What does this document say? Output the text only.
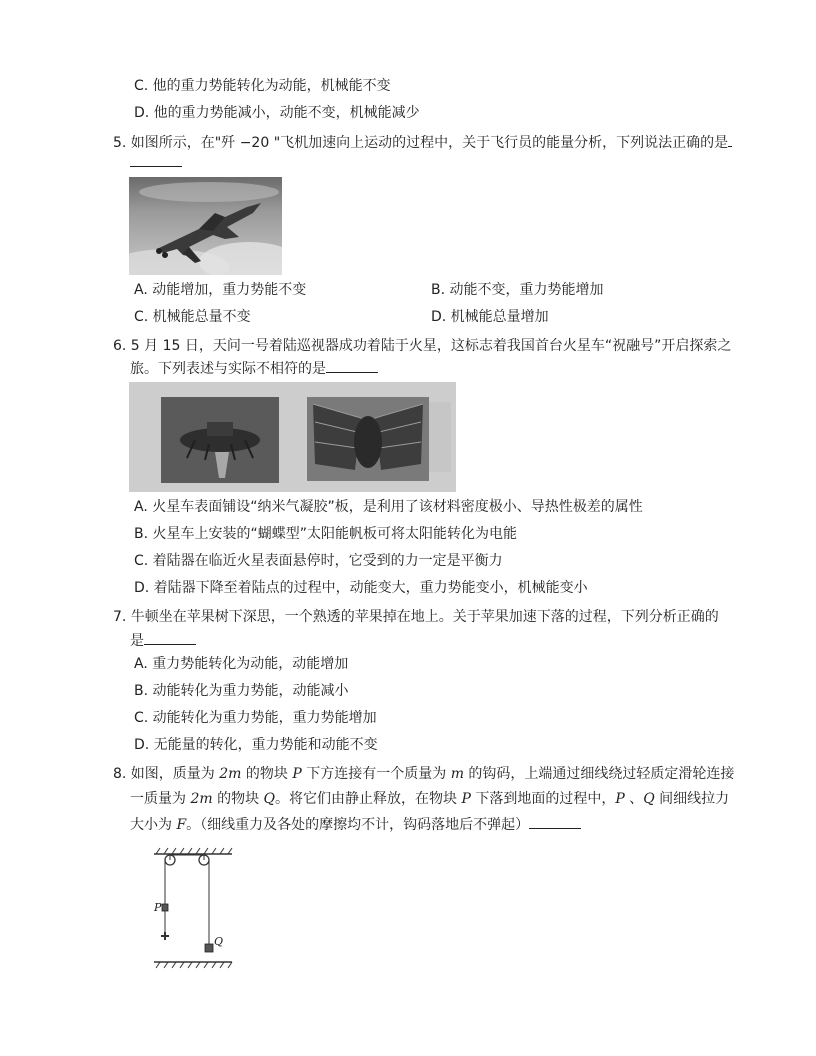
C. 他的重力势能转化为动能，机械能不变
D. 他的重力势能减小，动能不变，机械能减少
5. 如图所示，在"歼 −20 "飞机加速向上运动的过程中，关于飞行员的能量分析，下列说法正确的是
A. 动能增加，重力势能不变	B. 动能不变，重力势能增加
C. 机械能总量不变	D. 机械能总量增加
6. 5 月 15 日，天问一号着陆巡视器成功着陆于火星，这标志着我国首台火星车“祝融号”开启探索之
旅。下列表述与实际不相符的是
A. 火星车表面铺设“纳米气凝胶”板，是利用了该材料密度极小、导热性极差的属性
B. 火星车上安装的“蝴蝶型”太阳能帆板可将太阳能转化为电能
C. 着陆器在临近火星表面悬停时，它受到的力一定是平衡力
D. 着陆器下降至着陆点的过程中，动能变大，重力势能变小，机械能变小
7. 牛顿坐在苹果树下深思，一个熟透的苹果掉在地上。关于苹果加速下落的过程，下列分析正确的
是
A. 重力势能转化为动能，动能增加
B. 动能转化为重力势能，动能减小
C. 动能转化为重力势能，重力势能增加
D. 无能量的转化，重力势能和动能不变
8. 如图，质量为 2m 的物块 P 下方连接有一个质量为 m 的钩码，上端通过细线绕过轻质定滑轮连接
一质量为 2m 的物块 Q。将它们由静止释放，在物块 P 下落到地面的过程中，P 、Q 间细线拉力
大小为 F。（细线重力及各处的摩擦均不计，钩码落地后不弹起）
P
Q
